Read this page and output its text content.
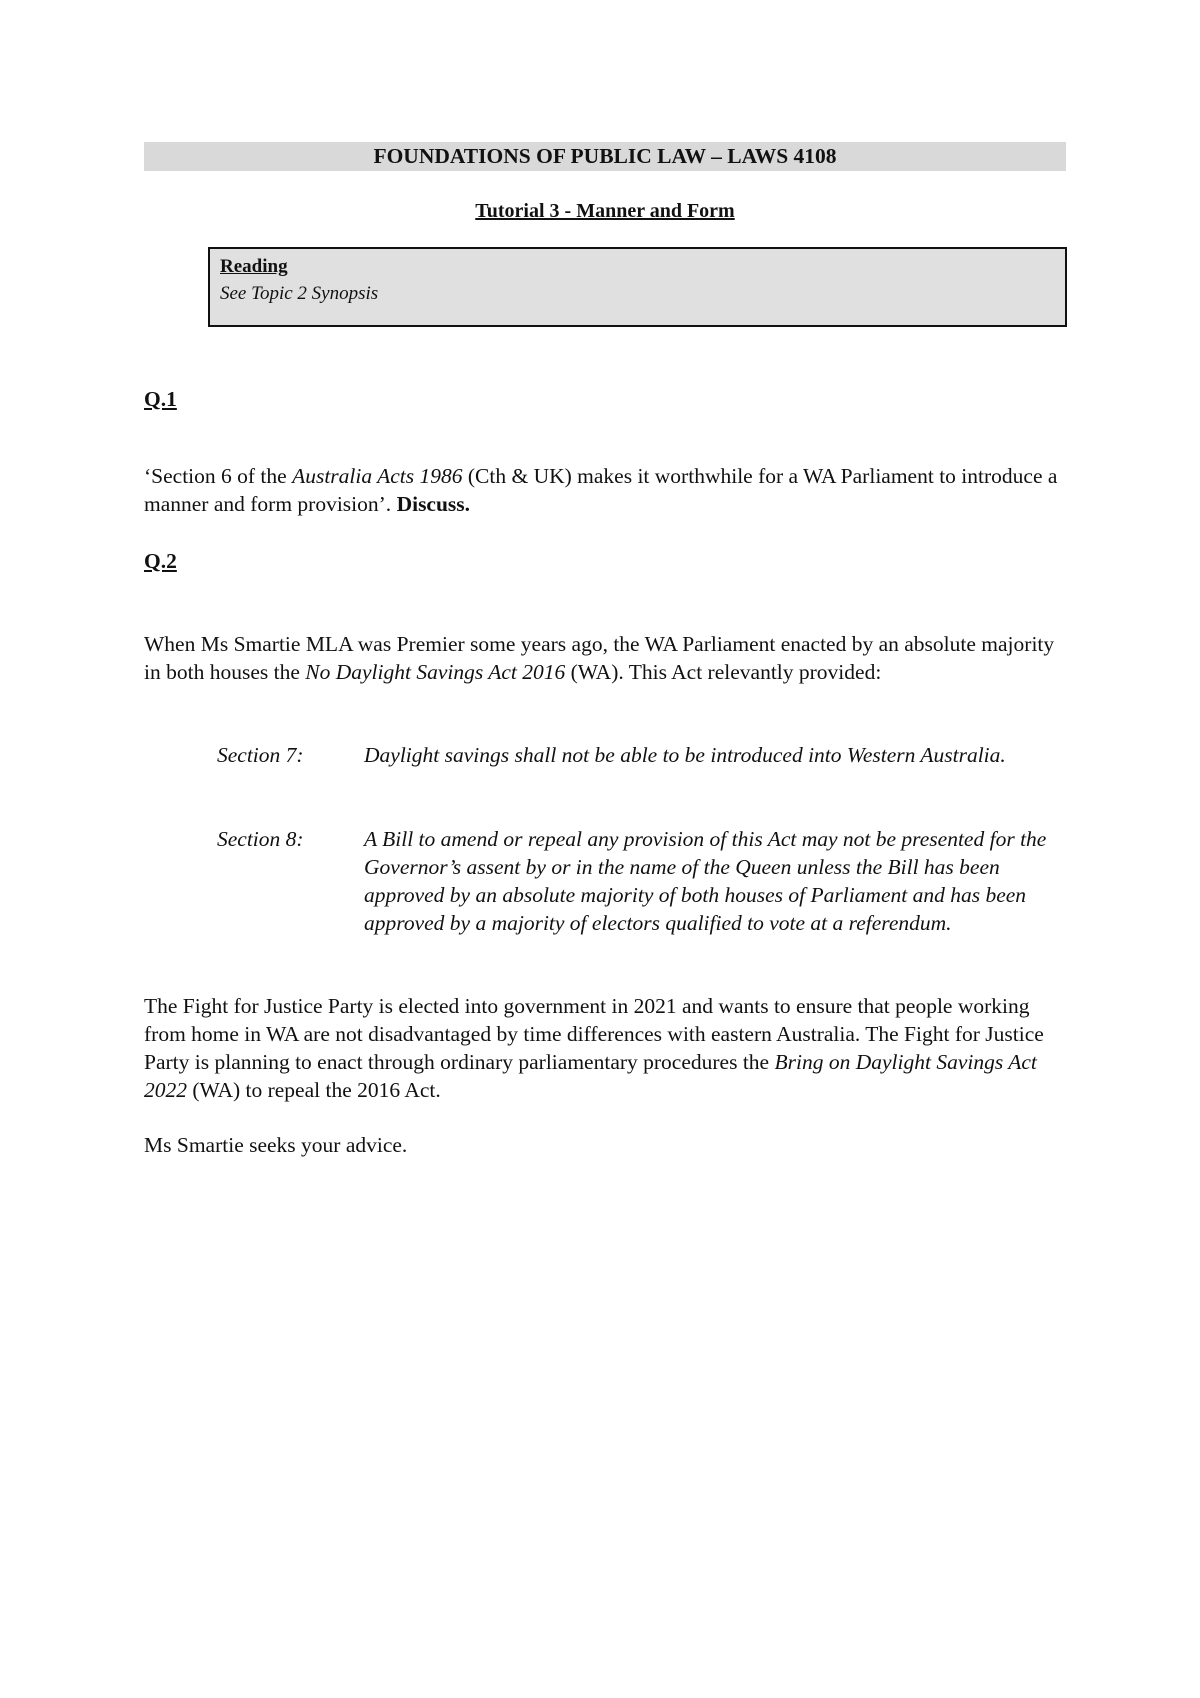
FOUNDATIONS OF PUBLIC LAW – LAWS 4108
Tutorial 3 - Manner and Form
Reading
See Topic 2 Synopsis

Q.1

‘Section 6 of the Australia Acts 1986 (Cth & UK) makes it worthwhile for a WA Parliament to introduce a manner and form provision’. Discuss.

Q.2

When Ms Smartie MLA was Premier some years ago, the WA Parliament enacted by an absolute majority in both houses the No Daylight Savings Act 2016 (WA). This Act relevantly provided:

Section 7:	Daylight savings shall not be able to be introduced into Western Australia.
Section 8:	A Bill to amend or repeal any provision of this Act may not be presented for the Governor’s assent by or in the name of the Queen unless the Bill has been approved by an absolute majority of both houses of Parliament and has been approved by a majority of electors qualified to vote at a referendum.

The Fight for Justice Party is elected into government in 2021 and wants to ensure that people working from home in WA are not disadvantaged by time differences with eastern Australia. The Fight for Justice Party is planning to enact through ordinary parliamentary procedures the Bring on Daylight Savings Act 2022 (WA) to repeal the 2016 Act.

Ms Smartie seeks your advice.
